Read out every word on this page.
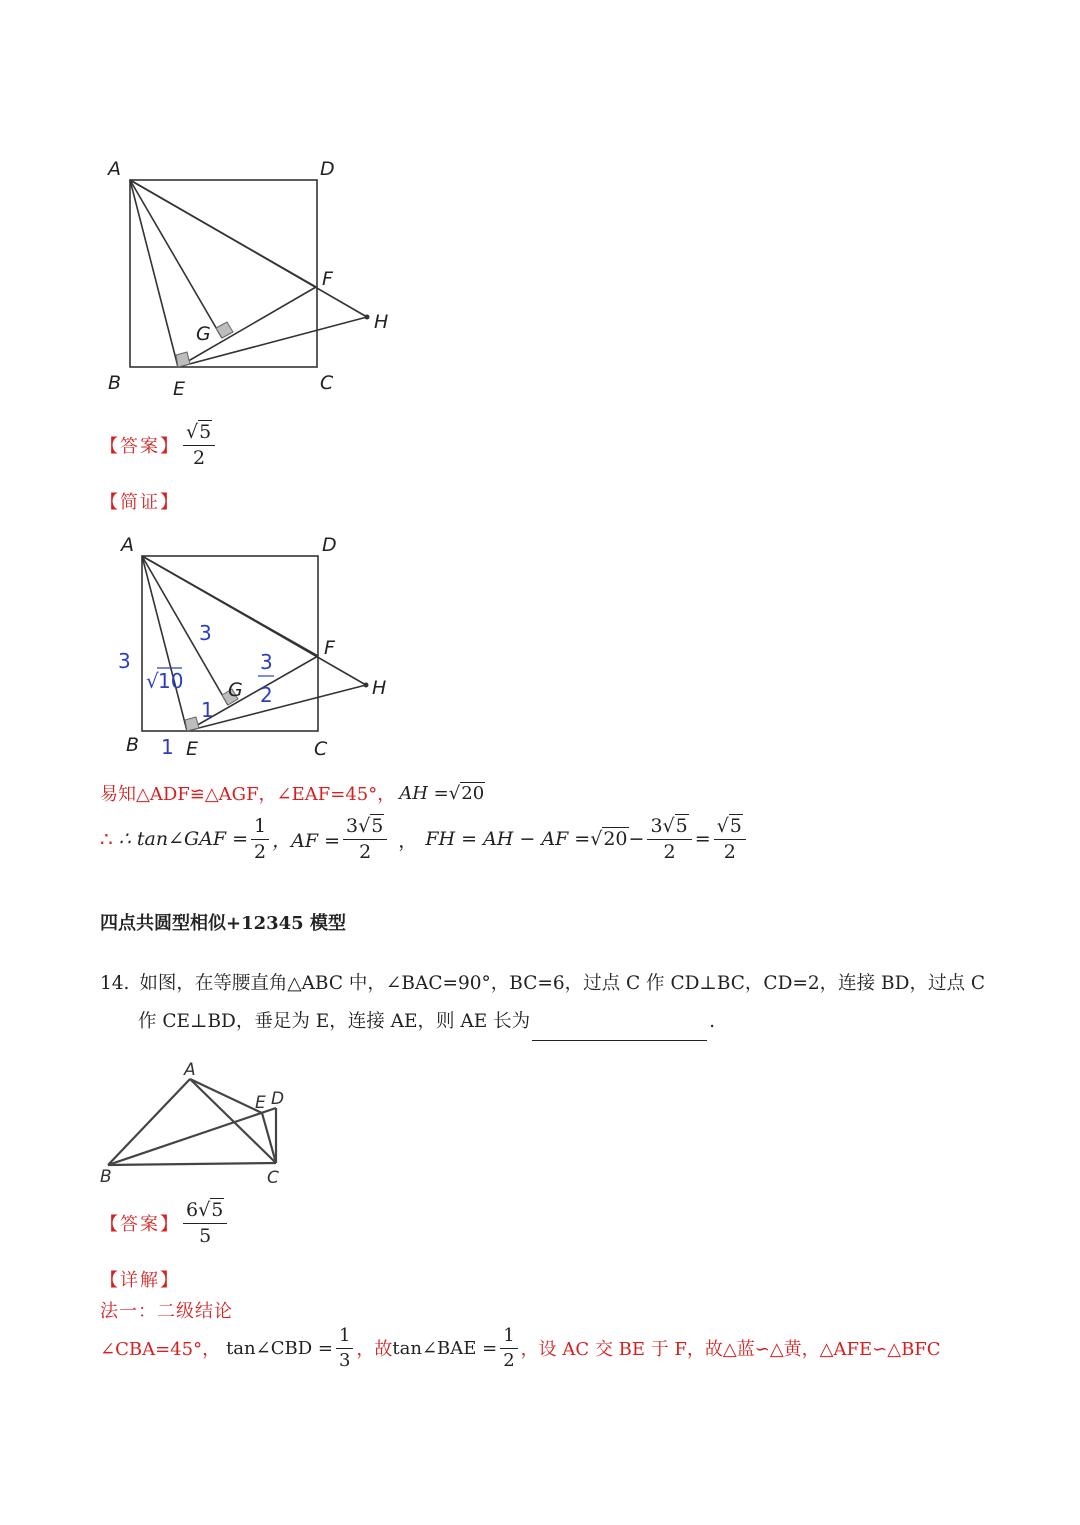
A	D
F
G
H
B	E	C
【答案】 $\frac{√5}{2}$
【简证】
A	D
F
G	H
B E	C
3
√ 10
3
3
2
1
1
易知△ADF≌△AGF，∠EAF=45°， AH = √20
∴ ∴ tan∠GAF = $\frac{1}{2}$ ，AF = $\frac{3√5}{2}$ ， FH = AH − AF = $√20 - \frac{3√5}{2} = \frac{√5}{2}$
四点共圆型相似+12345 模型
14. 如图，在等腰直角△ABC 中，∠BAC=90°，BC=6，过点 C 作 CD⊥BC，CD=2，连接 BD，过点 C
作 CE⊥BD，垂足为 E，连接 AE，则 AE 长为	.
A
E D
B	C
【答案】 $\frac{6√5}{5}$
【详解】
法一：二级结论
∠CBA=45°， tan∠CBD = $\frac{1}{3}$ ，故 tan∠BAE = $\frac{1}{2}$ ，设 AC 交 BE 于 F，故△蓝∽△黄，△AFE∽△BFC
